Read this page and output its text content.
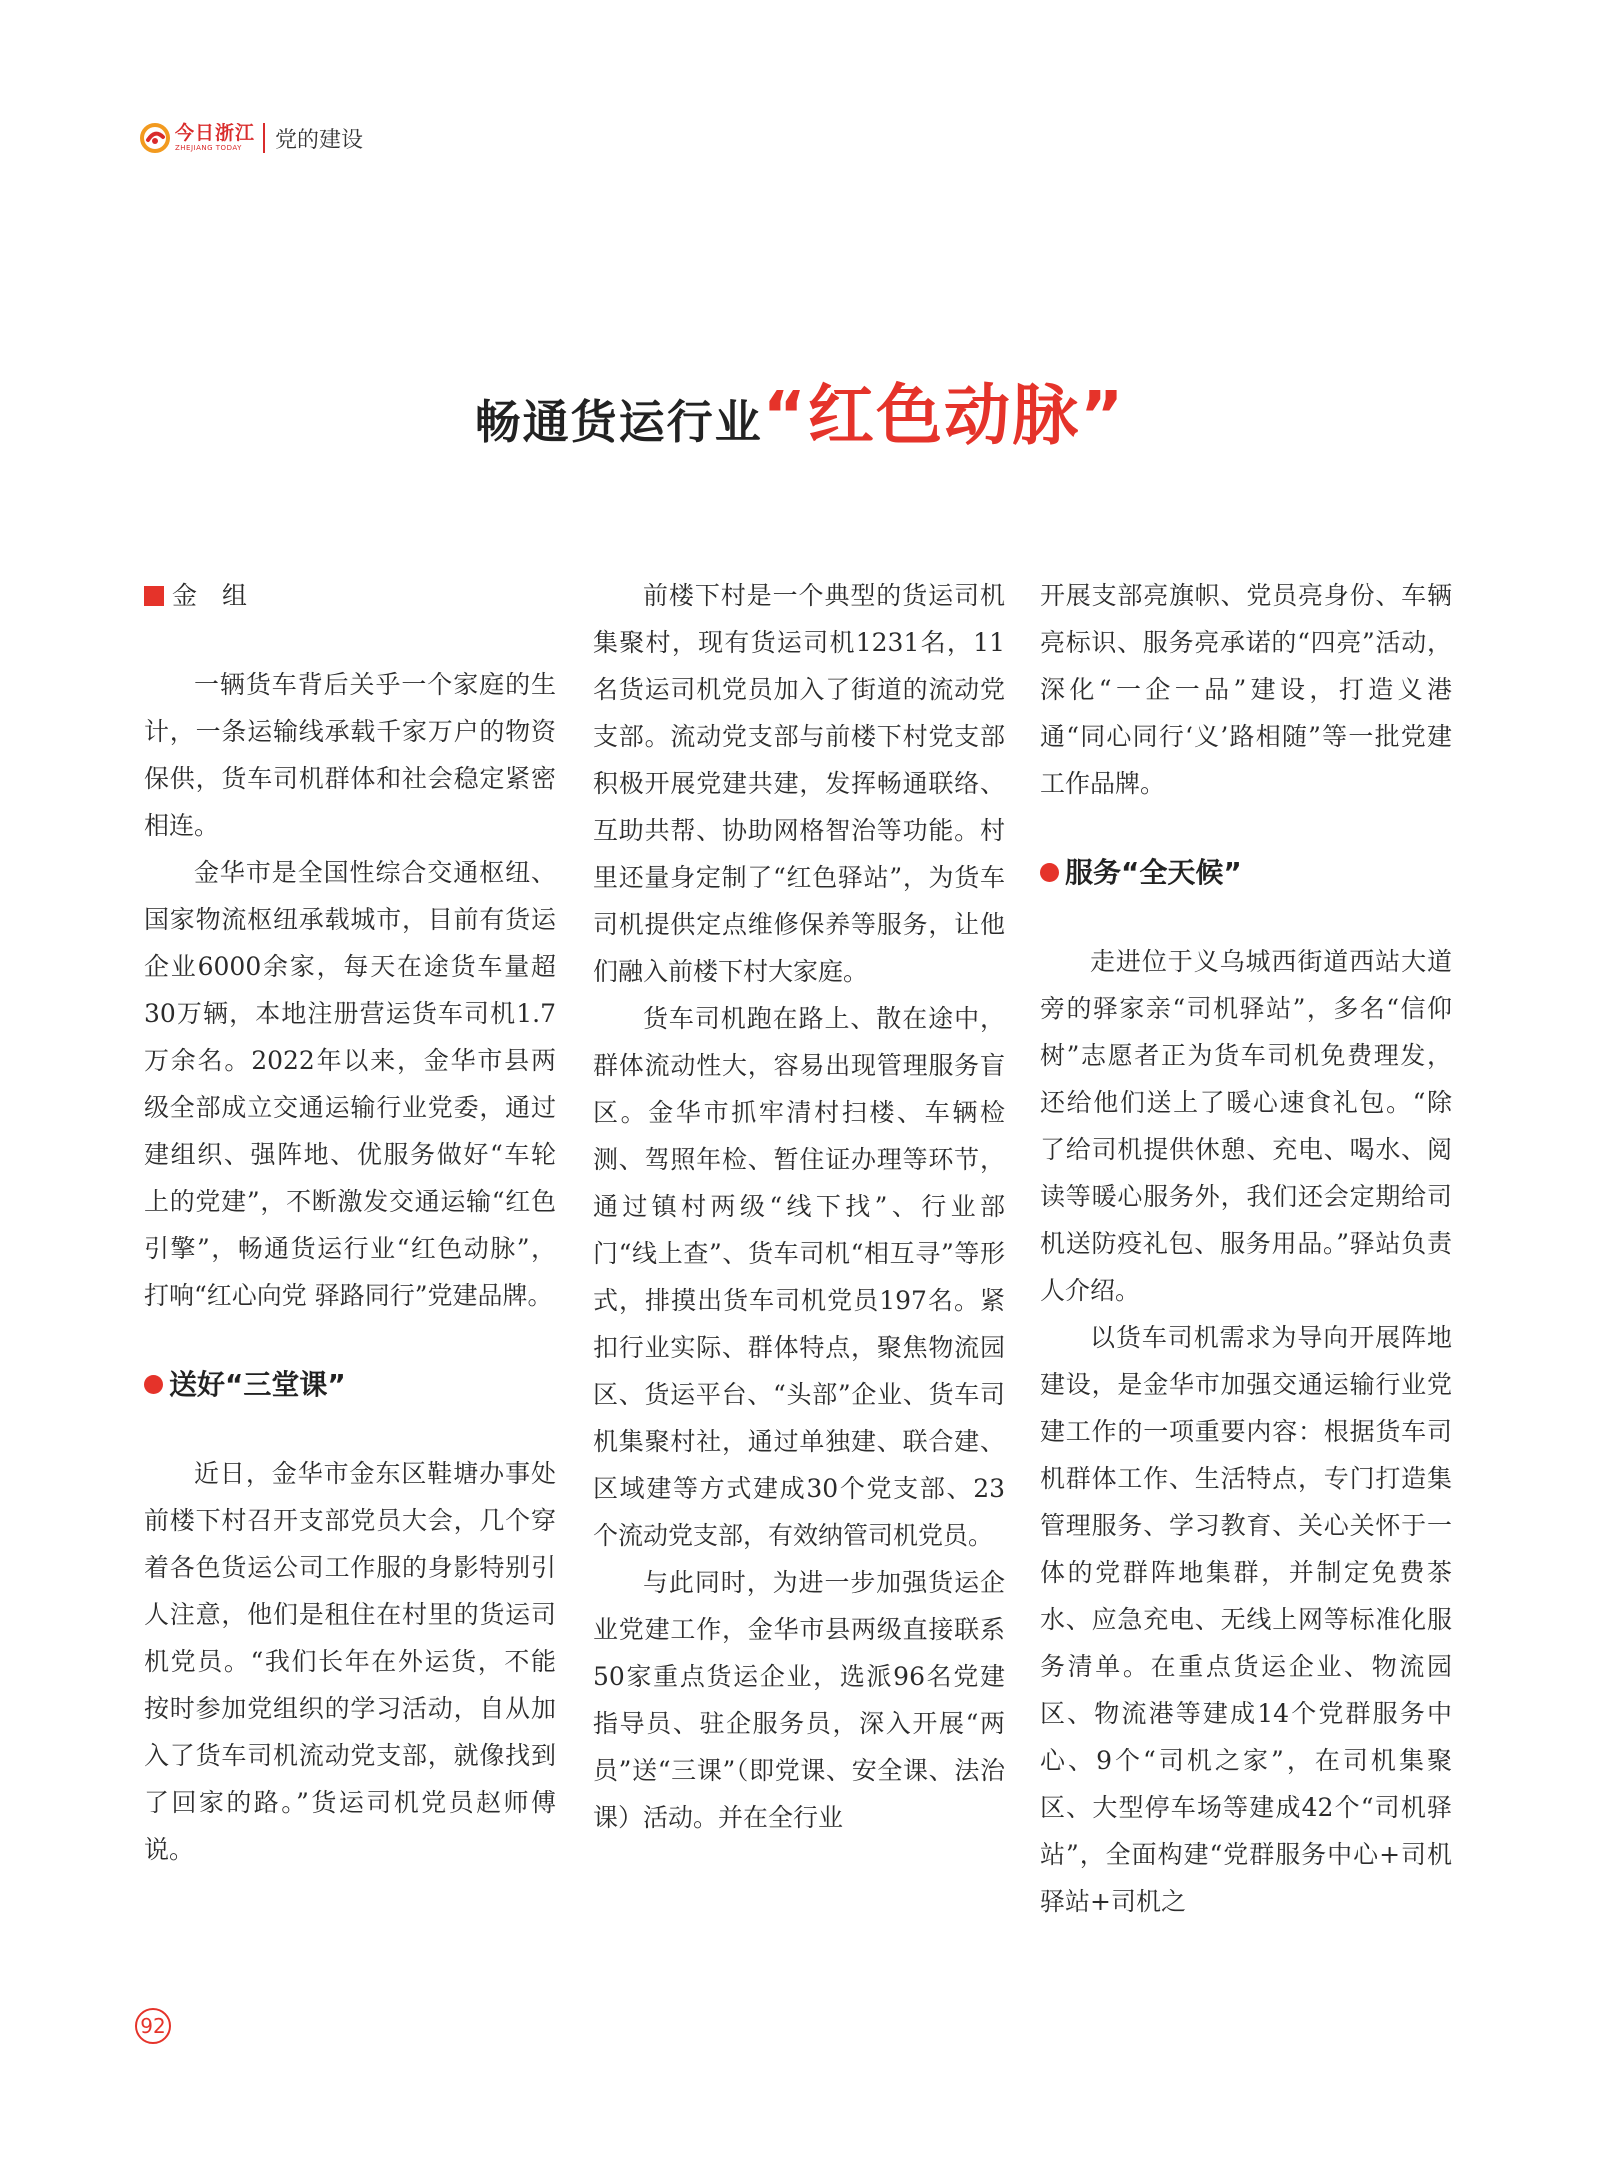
今日浙江
ZHEJIANG TODAY	党的建设
畅通货运行业“红色动脉”
金　组

一辆货车背后关乎一个家庭的生计，一条运输线承载千家万户的物资保供，货车司机群体和社会稳定紧密相连。

金华市是全国性综合交通枢纽、国家物流枢纽承载城市，目前有货运企业6000余家，每天在途货车量超30万辆，本地注册营运货车司机1.7万余名。2022年以来，金华市县两级全部成立交通运输行业党委，通过建组织、强阵地、优服务做好“车轮上的党建”，不断激发交通运输“红色引擎”，畅通货运行业“红色动脉”，打响“红心向党 驿路同行”党建品牌。

送好“三堂课”

近日，金华市金东区鞋塘办事处前楼下村召开支部党员大会，几个穿着各色货运公司工作服的身影特别引人注意，他们是租住在村里的货运司机党员。“我们长年在外运货，不能按时参加党组织的学习活动，自从加入了货车司机流动党支部，就像找到了回家的路。”货运司机党员赵师傅说。

前楼下村是一个典型的货运司机集聚村，现有货运司机1231名，11名货运司机党员加入了街道的流动党支部。流动党支部与前楼下村党支部积极开展党建共建，发挥畅通联络、互助共帮、协助网格智治等功能。村里还量身定制了“红色驿站”，为货车司机提供定点维修保养等服务，让他们融入前楼下村大家庭。

货车司机跑在路上、散在途中，群体流动性大，容易出现管理服务盲区。金华市抓牢清村扫楼、车辆检测、驾照年检、暂住证办理等环节，通过镇村两级“线下找”、行业部门“线上查”、货车司机“相互寻”等形式，排摸出货车司机党员197名。紧扣行业实际、群体特点，聚焦物流园区、货运平台、“头部”企业、货车司机集聚村社，通过单独建、联合建、区域建等方式建成30个党支部、23个流动党支部，有效纳管司机党员。

与此同时，为进一步加强货运企业党建工作，金华市县两级直接联系50家重点货运企业，选派96名党建指导员、驻企服务员，深入开展“两员”送“三课”（即党课、安全课、法治课）活动。并在全行业

开展支部亮旗帜、党员亮身份、车辆亮标识、服务亮承诺的“四亮”活动，深化“一企一品”建设，打造义港通“同心同行‘义’路相随”等一批党建工作品牌。

服务“全天候”

走进位于义乌城西街道西站大道旁的驿家亲“司机驿站”，多名“信仰树”志愿者正为货车司机免费理发，还给他们送上了暖心速食礼包。“除了给司机提供休憩、充电、喝水、阅读等暖心服务外，我们还会定期给司机送防疫礼包、服务用品。”驿站负责人介绍。

以货车司机需求为导向开展阵地建设，是金华市加强交通运输行业党建工作的一项重要内容：根据货车司机群体工作、生活特点，专门打造集管理服务、学习教育、关心关怀于一体的党群阵地集群，并制定免费茶水、应急充电、无线上网等标准化服务清单。在重点货运企业、物流园区、物流港等建成14个党群服务中心、9个“司机之家”，在司机集聚区、大型停车场等建成42个“司机驿站”，全面构建“党群服务中心+司机驿站+司机之

92
